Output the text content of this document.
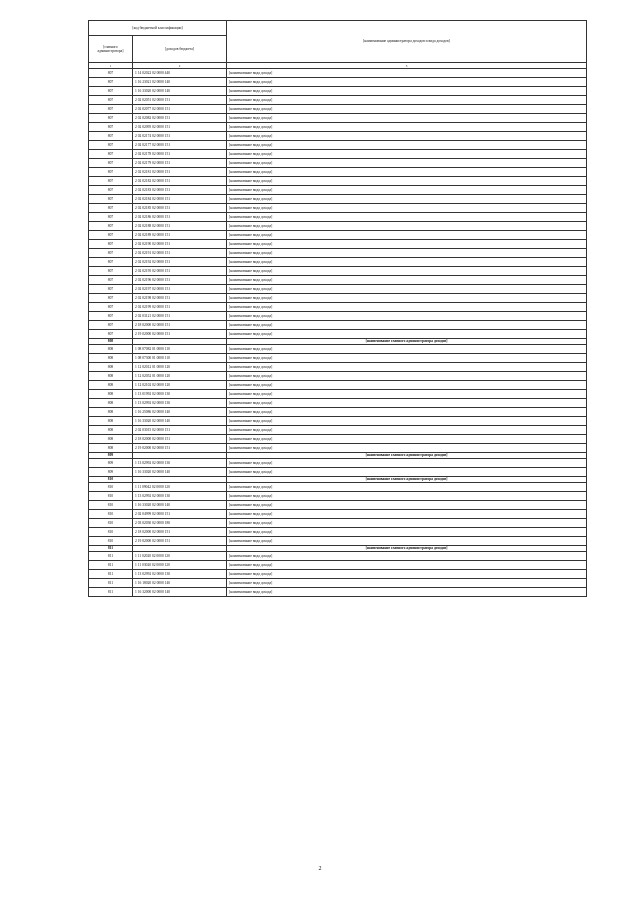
[код бюджетной классификации]		[наименование администратора доходов и вида доходов]
[главного администратора]	[доходов бюджета]	
1	2	3
807	1 14 02022 02 0000 440	[наименование вида дохода]
807	1 16 23021 02 0000 140	[наименование вида дохода]
807	1 16 33020 02 0000 140	[наименование вида дохода]
807	2 02 02051 02 0000 151	[наименование вида дохода]
807	2 02 02077 02 0000 151	[наименование вида дохода]
807	2 02 02082 02 0000 151	[наименование вида дохода]
807	2 02 02095 02 0000 151	[наименование вида дохода]
807	2 02 02174 02 0000 151	[наименование вида дохода]
807	2 02 02177 02 0000 151	[наименование вида дохода]
807	2 02 02178 02 0000 151	[наименование вида дохода]
807	2 02 02179 02 0000 151	[наименование вида дохода]
807	2 02 02181 02 0000 151	[наименование вида дохода]
807	2 02 02182 02 0000 151	[наименование вида дохода]
807	2 02 02183 02 0000 151	[наименование вида дохода]
807	2 02 02184 02 0000 151	[наименование вида дохода]
807	2 02 02185 02 0000 151	[наименование вида дохода]
807	2 02 02186 02 0000 151	[наименование вида дохода]
807	2 02 02188 02 0000 151	[наименование вида дохода]
807	2 02 02189 02 0000 151	[наименование вида дохода]
807	2 02 02190 02 0000 151	[наименование вида дохода]
807	2 02 02191 02 0000 151	[наименование вида дохода]
807	2 02 02192 02 0000 151	[наименование вида дохода]
807	2 02 02195 02 0000 151	[наименование вида дохода]
807	2 02 02196 02 0000 151	[наименование вида дохода]
807	2 02 02197 02 0000 151	[наименование вида дохода]
807	2 02 02198 02 0000 151	[наименование вида дохода]
807	2 02 02199 02 0000 151	[наименование вида дохода]
807	2 02 03121 02 0000 151	[наименование вида дохода]
807	2 18 02000 02 0000 151	[наименование вида дохода]
807	2 19 02000 02 0000 151	[наименование вида дохода]
808		[наименование главного администратора доходов]
808	1 08 07082 01 0000 110	[наименование вида дохода]
808	1 08 07300 01 0000 110	[наименование вида дохода]
808	1 12 02012 01 0000 120	[наименование вида дохода]
808	1 12 02052 01 0000 120	[наименование вида дохода]
808	1 12 02102 02 0000 120	[наименование вида дохода]
808	1 13 01992 02 0000 130	[наименование вида дохода]
808	1 13 02992 02 0000 130	[наименование вида дохода]
808	1 16 25086 02 0000 140	[наименование вида дохода]
808	1 16 33020 02 0000 140	[наименование вида дохода]
808	2 02 03015 02 0000 151	[наименование вида дохода]
808	2 18 02000 02 0000 151	[наименование вида дохода]
808	2 19 02000 02 0000 151	[наименование вида дохода]
809		[наименование главного администратора доходов]
809	1 13 02992 02 0000 130	[наименование вида дохода]
809	1 16 33020 02 0000 140	[наименование вида дохода]
810		[наименование главного администратора доходов]
810	1 11 09042 02 0000 120	[наименование вида дохода]
810	1 13 02992 02 0000 130	[наименование вида дохода]
810	1 16 33020 02 0000 140	[наименование вида дохода]
810	2 02 04999 02 0000 151	[наименование вида дохода]
810	2 03 02030 02 0000 180	[наименование вида дохода]
810	2 18 02000 02 0000 151	[наименование вида дохода]
810	2 19 02000 02 0000 151	[наименование вида дохода]
811		[наименование главного администратора доходов]
811	1 11 02020 02 0000 120	[наименование вида дохода]
811	1 11 03020 02 0000 120	[наименование вида дохода]
811	1 13 02992 02 0000 130	[наименование вида дохода]
811	1 16 18020 02 0000 140	[наименование вида дохода]
811	1 16 32000 02 0000 140	[наименование вида дохода]
2
